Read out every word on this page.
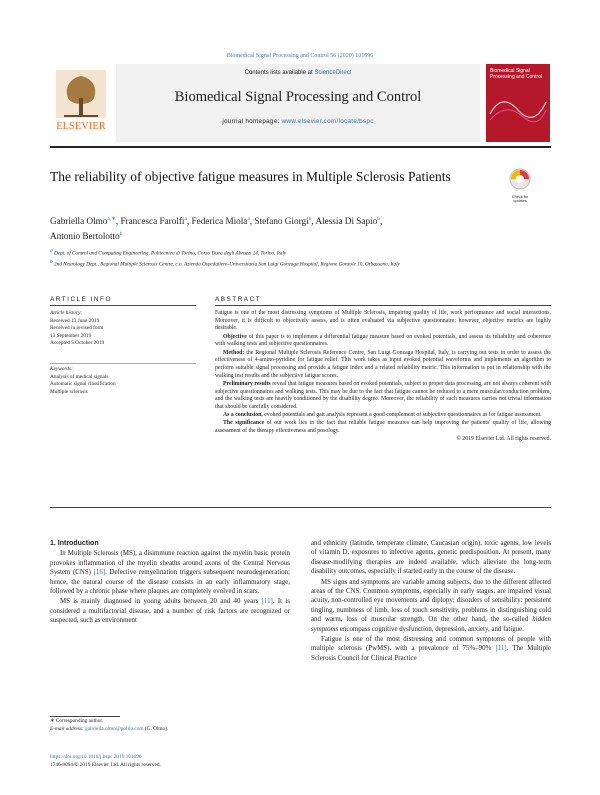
Biomedical Signal Processing and Control 56 (2020) 101696
ELSEVIER
Contents lists available at ScienceDirect
Biomedical Signal Processing and Control
journal homepage: www.elsevier.com/locate/bspc
Biomedical Signal Processing and Control
The reliability of objective fatigue measures in Multiple Sclerosis Patients
Check for updates
Gabriella Olmo$^{a,∗}$, Francesca Farolfi$^a$, Federica Miola$^a$, Stefano Giorgi$^b$, Alessia Di Sapio$^b$,
Antonio Bertolotto$^b$
$^a$ Dept. of Control and Computing Engineering, Politecnico di Torino, Corso Duca degli Abruzzi 24, Torino, Italy
$^b$ 2nd Neurology Dept., Regional Multiple Sclerosis Centre, c.o. Azienda Ospedaliero-Universitaria San Luigi Gonzaga Hospital, Regione Gonzole 10, Orbassano, Italy
ARTICLE INFO	ABSTRACT
Article history:
Received 13 June 2019
Received in revised form
13 September 2019
Accepted 5 October 2019
Keywords:
Analysis of medical signals
Automatic signal classification
Multiple sclerosis

Fatigue is one of the most distressing symptoms of Multiple Sclerosis, impairing quality of life, work performance and social interactions. Moreover, it is difficult to objectively assess, and is often evaluated via subjective questionnaire; however, objective metrics are highly desirable.

Objective of this paper is to implement a differential fatigue measure based on evoked potentials, and assess its reliability and coherence with walking tests and subjective questionnaires.

Method: the Regional Multiple Sclerosis Reference Centre, San Luigi Gonzaga Hospital, Italy, is carrying out tests in order to assess the effectiveness of 4-amino-pyridine for fatigue relief. This work takes as input evoked potential waveforms and implements an algorithm to perform suitable signal processing and provide a fatigue index and a related reliability metric. This information is put in relationship with the walking test results and the subjective fatigue scores.

Preliminary results reveal that fatigue measures based on evoked potentials, subject to proper data processing, are not always coherent with subjective questionnaires and walking tests. This may be due to the fact that fatigue cannot be reduced to a mere muscular/conduction problem, and the walking tests are heavily conditioned by the disability degree. Moreover, the reliability of such measures carries not trivial information that should be carefully considered.

As a conclusion, evoked potentials and gait analysis represent a good complement of subjective questionnaires as for fatigue assessment.

The significance of our work lies in the fact that reliable fatigue measures can help improving the patients' quality of life, allowing assessment of the therapy effectiveness and posology.

© 2019 Elsevier Ltd. All rights reserved.

1. Introduction

In Multiple Sclerosis (MS), a disimmune reaction against the myelin basic protein provokes inflammation of the myelin sheaths around axons of the Central Nervous System (CNS) [16]. Defective remyelination triggers subsequent neurodegeneration; hence, the natural course of the disease consists in an early inflammatory stage, followed by a chronic phase where plaques are completely evolved in scars.

MS is mainly diagnosed in young adults between 20 and 40 years [11]. It is considered a multifactorial disease, and a number of risk factors are recognized or suspected, such as environment

and ethnicity (latitude, temperate climate, Caucasian origin), toxic agents, low levels of vitamin D, exposures to infective agents, genetic predisposition. At present, many disease-modifying therapies are indeed available, which alleviate the long-term disability outcomes, especially if started early in the course of the disease.

MS signs and symptoms are variable among subjects, due to the different affected areas of the CNS. Common symptoms, especially in early stages, are impaired visual acuity, non-controlled eye movements and diplopy; disorders of sensibility: persistent tingling, numbness of limb, loss of touch sensitivity, problems in distinguishing cold and warm, loss of muscular strength. On the other hand, the so-called hidden symptoms encompass cognitive dysfunction, depression, anxiety, and fatigue.

Fatigue is one of the most distressing and common symptoms of people with multiple sclerosis (PwMS), with a prevalence of 75%–90% [11]. The Multiple Sclerosis Council for Clinical Practice

∗ Corresponding author.
E-mail address: gabriella.olmo@polito.com (G. Olmo).
https://doi.org/10.1016/j.bspc.2019.101696
1746-8094/© 2019 Elsevier Ltd. All rights reserved.
